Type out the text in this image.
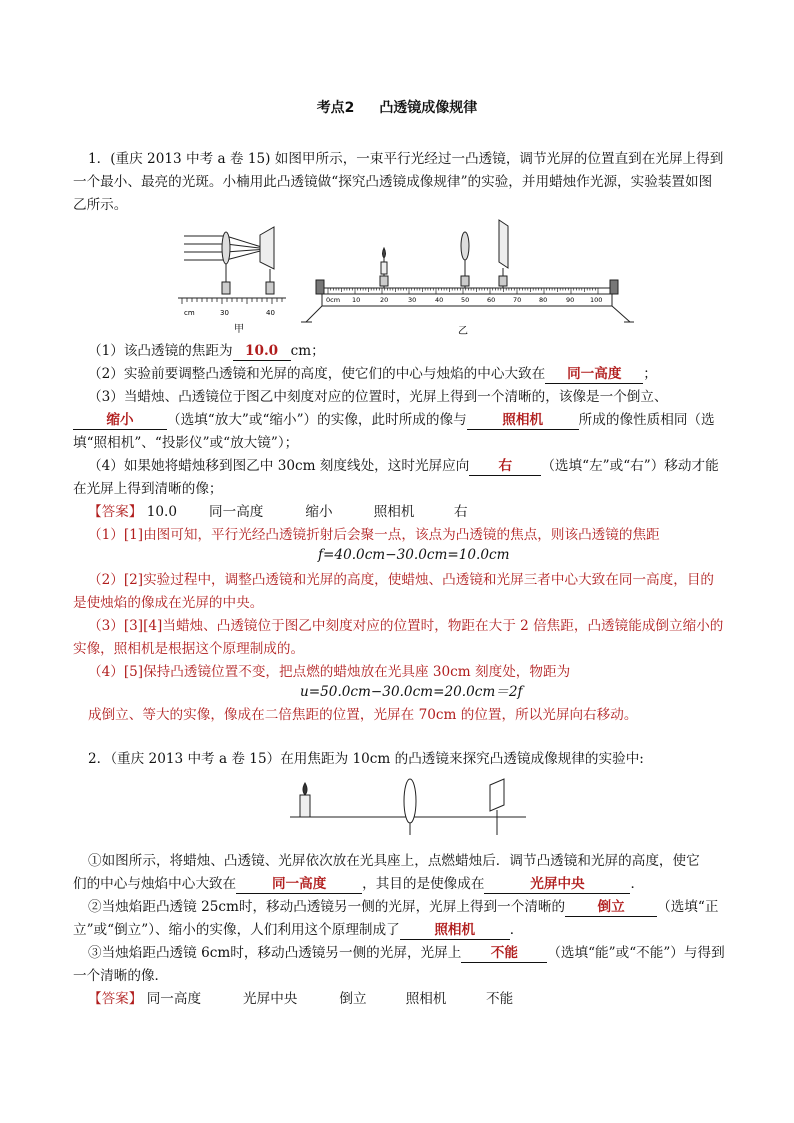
考点2 凸透镜成像规律
1．(重庆 2013 中考 a 卷 15) 如图甲所示，一束平行光经过一凸透镜，调节光屏的位置直到在光屏上得到
一个最小、最亮的光斑。小楠用此凸透镜做“探究凸透镜成像规律”的实验，并用蜡烛作光源，实验装置如图
乙所示。
cm	30	40
甲
0cm 10	20	30	40	50	60	70	80	90 100
乙
（1）该凸透镜的焦距为 10.0 cm；
（2）实验前要调整凸透镜和光屏的高度，使它们的中心与烛焰的中心大致在 同一高度 ；
（3）当蜡烛、凸透镜位于图乙中刻度对应的位置时，光屏上得到一个清晰的，该像是一个倒立、
缩小 （选填“放大”或“缩小”）的实像，此时所成的像与	照相机	所成的像性质相同（选
填“照相机”、“投影仪”或“放大镜”）；
（4）如果她将蜡烛移到图乙中 30cm 刻度线处，这时光屏应向 右 （选填“左”或“右”）移动才能
在光屏上得到清晰的像；
【答案】 10.0 同一高度	缩小	照相机	右
（1）[1]由图可知，平行光经凸透镜折射后会聚一点，该点为凸透镜的焦点，则该凸透镜的焦距
f=40.0cm−30.0cm=10.0cm
（2）[2]实验过程中，调整凸透镜和光屏的高度，使蜡烛、凸透镜和光屏三者中心大致在同一高度，目的
是使烛焰的像成在光屏的中央。
（3）[3][4]当蜡烛、凸透镜位于图乙中刻度对应的位置时，物距在大于 2 倍焦距，凸透镜能成倒立缩小的
实像，照相机是根据这个原理制成的。
（4）[5]保持凸透镜位置不变，把点燃的蜡烛放在光具座 30cm 刻度处，物距为
u=50.0cm−30.0cm=20.0cm＝2f
成倒立、等大的实像，像成在二倍焦距的位置，光屏在 70cm 的位置，所以光屏向右移动。
2．（重庆 2013 中考 a 卷 15）在用焦距为 10cm 的凸透镜来探究凸透镜成像规律的实验中:
①如图所示，将蜡烛、凸透镜、光屏依次放在光具座上，点燃蜡烛后．调节凸透镜和光屏的高度，使它
们的中心与烛焰中心大致在	同一高度	，其目的是使像成在	光屏中央	．
②当烛焰距凸透镜 25cm时，移动凸透镜另一侧的光屏，光屏上得到一个清晰的 倒立 （选填“正
立”或“倒立”）、缩小的实像，人们利用这个原理制成了	照相机	．
③当烛焰距凸透镜 6cm时，移动凸透镜另一侧的光屏，光屏上 不能 （选填“能”或“不能”）与得到
一个清晰的像．
【答案】 同一高度	光屏中央	倒立	照相机	不能
